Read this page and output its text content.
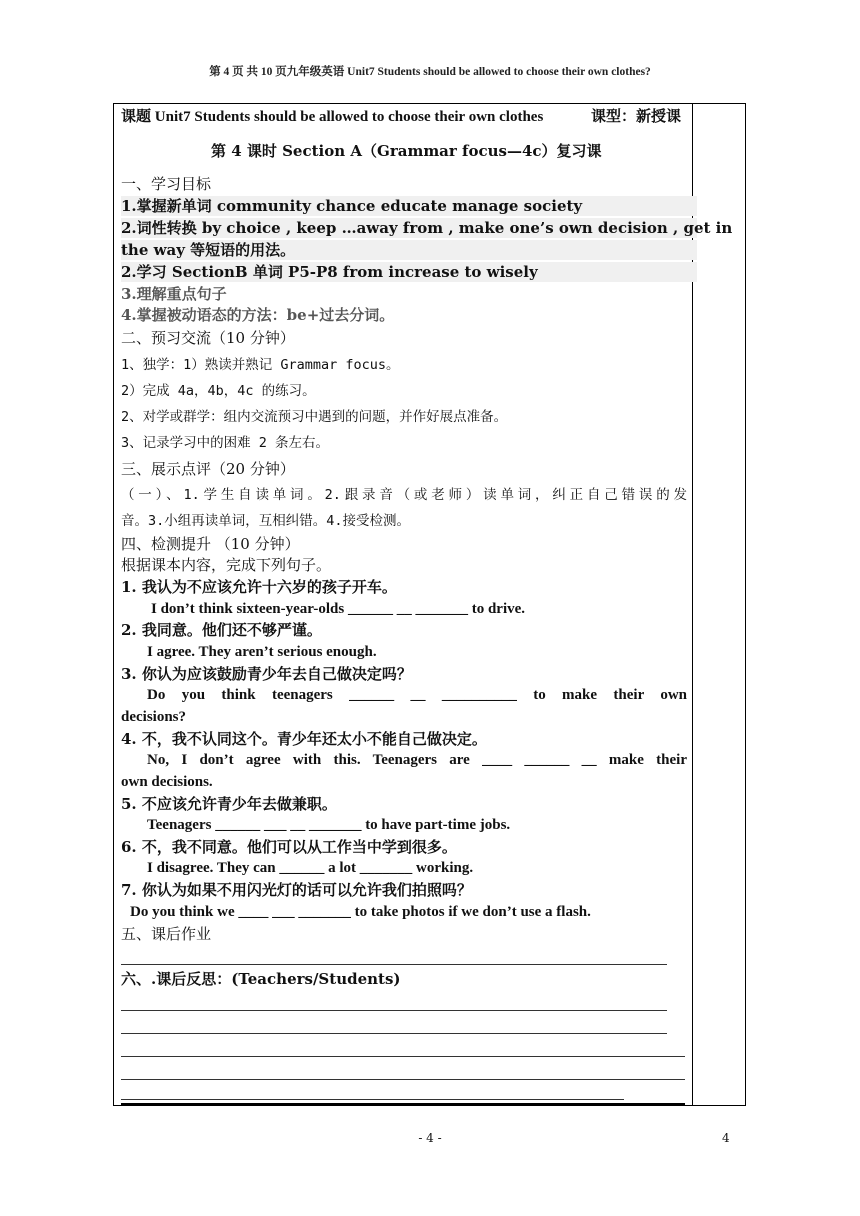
第 4 页 共 10 页九年级英语 Unit7 Students should be allowed to choose their own clothes?
课题 Unit7 Students should be allowed to choose their own clothes	课型：新授课
第 4 课时 Section A（Grammar focus—4c）复习课
一、学习目标
1.掌握新单词 community chance educate manage society
2.词性转换 by choice , keep …away from , make one’s own decision , get in
the way 等短语的用法。
2.学习 SectionB 单词 P5-P8 from increase to wisely
3.理解重点句子
4.掌握被动语态的方法：be+过去分词。
二、预习交流（10 分钟）
1、独学：1）熟读并熟记 Grammar focus。
2）完成 4a，4b，4c 的练习。
2、对学或群学：组内交流预习中遇到的问题，并作好展点准备。
3、记录学习中的困难 2 条左右。
三、展示点评（20 分钟）
（一）、1.学生自读单词。2.跟录音（或老师）读单词，纠正自己错误的发
音。3.小组再读单词，互相纠错。4.接受检测。
四、检测提升 （10 分钟）
根据课本内容，完成下列句子。
1. 我认为不应该允许十六岁的孩子开车。
I don’t think sixteen-year-olds ______ __ _______ to drive.
2. 我同意。他们还不够严谨。
I agree. They aren’t serious enough.
3. 你认为应该鼓励青少年去自己做决定吗？
Do you think teenagers ______ __ __________ to make their own
decisions?
4. 不，我不认同这个。青少年还太小不能自己做决定。
No, I don’t agree with this. Teenagers are ____ ______ __ make their
own decisions.
5. 不应该允许青少年去做兼职。
Teenagers ______ ___ __ _______ to have part-time jobs.
6. 不，我不同意。他们可以从工作当中学到很多。
I disagree. They can ______ a lot _______ working.
7. 你认为如果不用闪光灯的话可以允许我们拍照吗？
Do you think we ____ ___ _______ to take photos if we don’t use a flash.
五、课后作业
六、.课后反思：(Teachers/Students)
- 4 -	4
